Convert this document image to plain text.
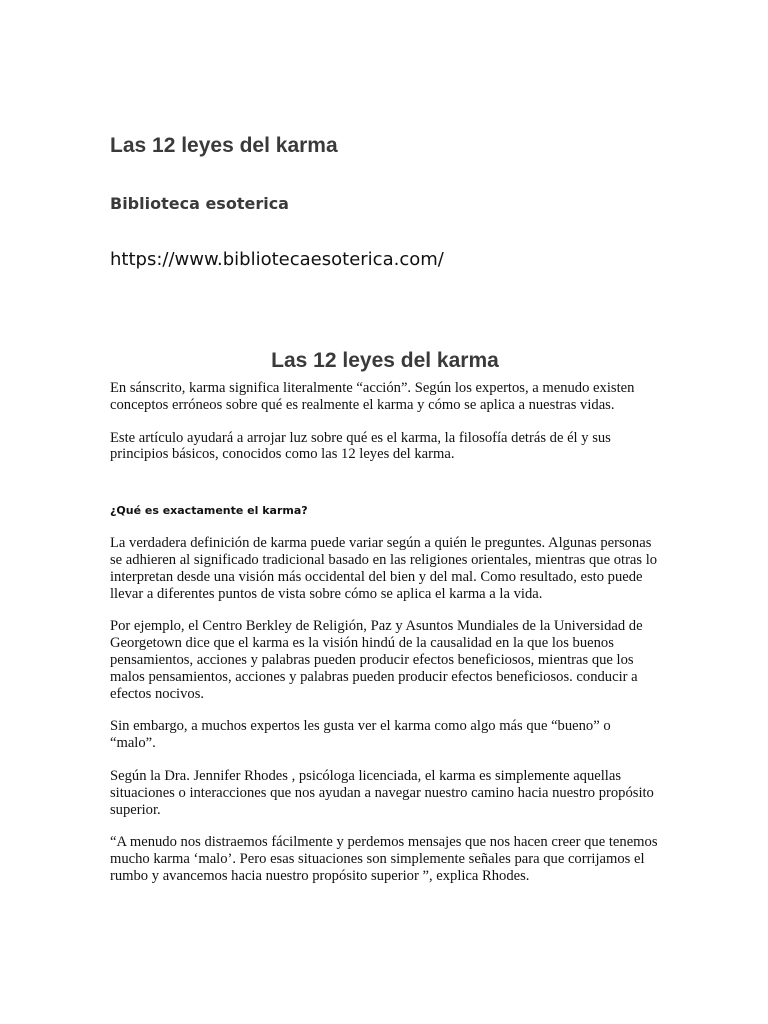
Las 12 leyes del karma
Biblioteca esoterica
https://www.bibliotecaesoterica.com/
Las 12 leyes del karma

En sánscrito, karma significa literalmente “acción”. Según los expertos, a menudo existen conceptos erróneos sobre qué es realmente el karma y cómo se aplica a nuestras vidas.

Este artículo ayudará a arrojar luz sobre qué es el karma, la filosofía detrás de él y sus principios básicos, conocidos como las 12 leyes del karma.

¿Qué es exactamente el karma?

La verdadera definición de karma puede variar según a quién le preguntes. Algunas personas se adhieren al significado tradicional basado en las religiones orientales, mientras que otras lo interpretan desde una visión más occidental del bien y del mal. Como resultado, esto puede llevar a diferentes puntos de vista sobre cómo se aplica el karma a la vida.

Por ejemplo, el Centro Berkley de Religión, Paz y Asuntos Mundiales de la Universidad de Georgetown dice que el karma es la visión hindú de la causalidad en la que los buenos pensamientos, acciones y palabras pueden producir efectos beneficiosos, mientras que los malos pensamientos, acciones y palabras pueden producir efectos beneficiosos. conducir a efectos nocivos.

Sin embargo, a muchos expertos les gusta ver el karma como algo más que “bueno” o “malo”.

Según la Dra. Jennifer Rhodes , psicóloga licenciada, el karma es simplemente aquellas situaciones o interacciones que nos ayudan a navegar nuestro camino hacia nuestro propósito superior.

“A menudo nos distraemos fácilmente y perdemos mensajes que nos hacen creer que tenemos mucho karma ‘malo’. Pero esas situaciones son simplemente señales para que corrijamos el rumbo y avancemos hacia nuestro propósito superior ”, explica Rhodes.
